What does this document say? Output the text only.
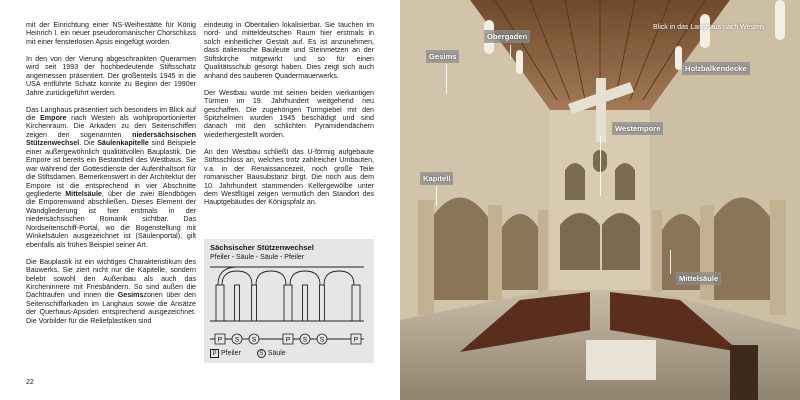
mit der Einrichtung einer NS-Weihestätte für König Heinrich I. ein neuer pseudoromanischer Chorschluss mit einer fensterlosen Apsis eingefügt worden.

In den von der Vierung abgeschrankten Querarmen wird seit 1993 der hochbedeutende Stiftsschatz angemessen präsentiert. Der großenteils 1945 in die USA entführte Schatz konnte zu Beginn der 1990er Jahre zurückgeführt werden.

Das Langhaus präsentiert sich besonders im Blick auf die Empore nach Westen als wohlproportionierter Kirchenraum. Die Arkaden zu den Seitenschiffen zeigen den sogenannten niedersächsischen Stützenwechsel. Die Säulenkapitelle sind Beispiele einer außergewöhnlich qualitätvollen Bauplastik. Die Empore ist bereits ein Bestandteil des Westbaus. Sie war während der Gottesdienste der Aufenthaltsort für die Stiftsdamen. Bemerkenswert in der Architektur der Empore ist die entsprechend in vier Abschnitte gegliederte Mittelsäule, über die zwei Blendbögen die Emporenwand abschließen. Dieses Element der Wandgliederung ist hier erstmals in der niedersächsischen Romanik sichtbar. Das Nordseitenschiff-Portal, wo die Bogenstellung mit Winkelsäulen ausgezeichnet ist (Säulenportal), gilt ebenfalls als frühes Beispiel seiner Art.

Die Bauplastik ist ein wichtiges Charakteristikum des Bauwerks. Sie ziert nicht nur die Kapitelle, sondern belebt sowohl den Außenbau als auch das Kircheninnere mit Friesbändern. So sind außen die Dachtraufen und innen die Gesimszonen über den Seitenschiffarkaden im Langhaus sowie die Ansätze der Querhaus-Apsiden entsprechend ausgezeichnet. Die Vorbilder für die Reliefplastiken sind

eindeutig in Oberitalien lokalisierbar. Sie tauchen im nord- und mitteldeutschen Raum hier erstmals in solch einheitlicher Gestalt auf. Es ist anzunehmen, dass italienische Bauleute und Steinmetzen an der Stiftskirche mitgewirkt und so für einen Qualitätsschub gesorgt haben. Dies zeigt sich auch anhand des sauberen Quadermauerwerks.

Der Westbau wurde mit seinen beiden vierkantigen Türmen im 19. Jahrhundert weitgehend neu geschaffen. Die zugehörigen Turmgiebel mit den Spitzhelmen wurden 1945 beschädigt und sind danach mit den schlichten Pyramidendächern wiederhergestellt worden.

An den Westbau schließt das U-förmig aufgebaute Stiftsschloss an, welches trotz zahlreicher Umbauten, v.a. in der Renaissancezeit, noch große Teile romanischer Bausubstanz birgt. Die noch aus dem 10. Jahrhundert stammenden Kellergewölbe unter dem Westflügel zeigen vermutlich den Standort des Hauptgebäudes der Königspfalz an.

Sächsischer Stützenwechsel
Pfeiler - Säule - Säule - Pfeiler
P S S	P S S	P
P Pfeiler	S Säule
22
Obergaden
Gesims
Blick in das Langhaus nach Westen
Holzbalkendecke
Westempore
Kapitell
Mittelsäule
